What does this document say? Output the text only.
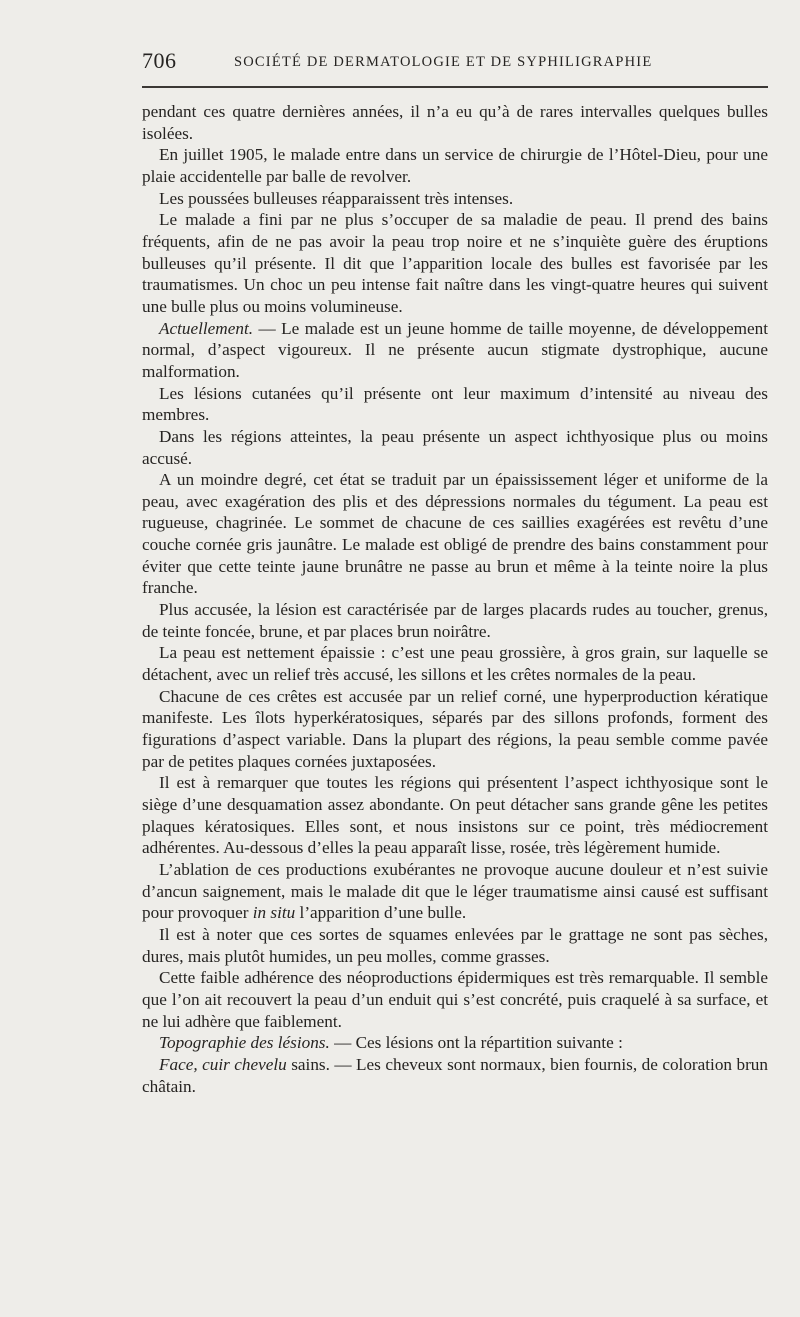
706	SOCIÉTÉ DE DERMATOLOGIE ET DE SYPHILIGRAPHIE

pendant ces quatre dernières années, il n’a eu qu’à de rares intervalles quelques bulles isolées.

En juillet 1905, le malade entre dans un service de chirurgie de l’Hôtel-Dieu, pour une plaie accidentelle par balle de revolver.

Les poussées bulleuses réapparaissent très intenses.

Le malade a fini par ne plus s’occuper de sa maladie de peau. Il prend des bains fréquents, afin de ne pas avoir la peau trop noire et ne s’inquiète guère des éruptions bulleuses qu’il présente. Il dit que l’apparition locale des bulles est favorisée par les traumatismes. Un choc un peu intense fait naître dans les vingt-quatre heures qui suivent une bulle plus ou moins volumineuse.

Actuellement. — Le malade est un jeune homme de taille moyenne, de développement normal, d’aspect vigoureux. Il ne présente aucun stigmate dystrophique, aucune malformation.

Les lésions cutanées qu’il présente ont leur maximum d’intensité au niveau des membres.

Dans les régions atteintes, la peau présente un aspect ichthyosique plus ou moins accusé.

A un moindre degré, cet état se traduit par un épaississement léger et uniforme de la peau, avec exagération des plis et des dépressions normales du tégument. La peau est rugueuse, chagrinée. Le sommet de chacune de ces saillies exagérées est revêtu d’une couche cornée gris jaunâtre. Le malade est obligé de prendre des bains constamment pour éviter que cette teinte jaune brunâtre ne passe au brun et même à la teinte noire la plus franche.

Plus accusée, la lésion est caractérisée par de larges placards rudes au toucher, grenus, de teinte foncée, brune, et par places brun noirâtre.

La peau est nettement épaissie : c’est une peau grossière, à gros grain, sur laquelle se détachent, avec un relief très accusé, les sillons et les crêtes normales de la peau.

Chacune de ces crêtes est accusée par un relief corné, une hyperproduction kératique manifeste. Les îlots hyperkératosiques, séparés par des sillons profonds, forment des figurations d’aspect variable. Dans la plupart des régions, la peau semble comme pavée par de petites plaques cornées juxtaposées.

Il est à remarquer que toutes les régions qui présentent l’aspect ichthyosique sont le siège d’une desquamation assez abondante. On peut détacher sans grande gêne les petites plaques kératosiques. Elles sont, et nous insistons sur ce point, très médiocrement adhérentes. Au-dessous d’elles la peau apparaît lisse, rosée, très légèrement humide.

L’ablation de ces productions exubérantes ne provoque aucune douleur et n’est suivie d’ancun saignement, mais le malade dit que le léger traumatisme ainsi causé est suffisant pour provoquer in situ l’apparition d’une bulle.

Il est à noter que ces sortes de squames enlevées par le grattage ne sont pas sèches, dures, mais plutôt humides, un peu molles, comme grasses.

Cette faible adhérence des néoproductions épidermiques est très remarquable. Il semble que l’on ait recouvert la peau d’un enduit qui s’est concrété, puis craquelé à sa surface, et ne lui adhère que faiblement.

Topographie des lésions. — Ces lésions ont la répartition suivante :

Face, cuir chevelu sains. — Les cheveux sont normaux, bien fournis, de coloration brun châtain.
